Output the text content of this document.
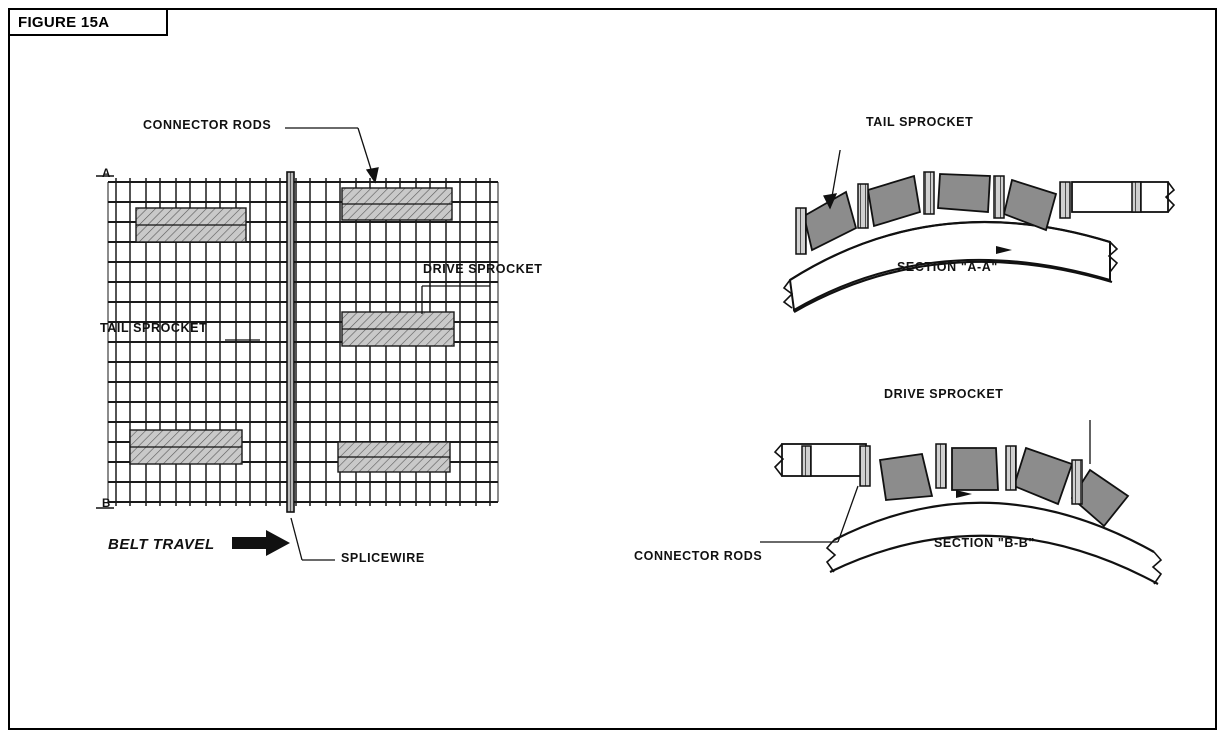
FIGURE 15A
A
B
CONNECTOR RODS
DRIVE SPROCKET
TAIL SPROCKET
SPLICEWIRE
BELT TRAVEL
TAIL SPROCKET
SECTION "A-A"
DRIVE SPROCKET
CONNECTOR RODS
SECTION "B-B"
